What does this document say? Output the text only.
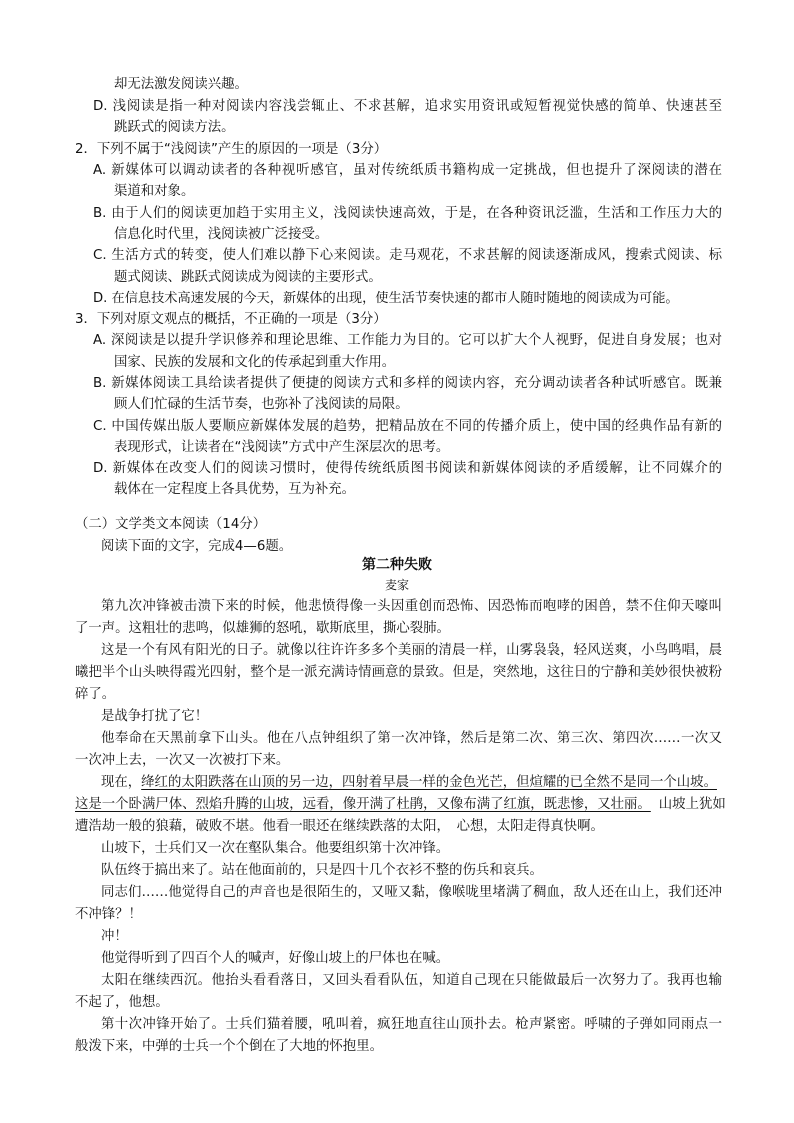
却无法激发阅读兴趣。
D. 浅阅读是指一种对阅读内容浅尝辄止、不求甚解，追求实用资讯或短暂视觉快感的简单、快速甚至
跳跃式的阅读方法。
2．下列不属于“浅阅读”产生的原因的一项是（3分）
A. 新媒体可以调动读者的各种视听感官，虽对传统纸质书籍构成一定挑战，但也提升了深阅读的潜在
渠道和对象。
B. 由于人们的阅读更加趋于实用主义，浅阅读快速高效，于是，在各种资讯泛滥，生活和工作压力大的
信息化时代里，浅阅读被广泛接受。
C. 生活方式的转变，使人们难以静下心来阅读。走马观花，不求甚解的阅读逐渐成风，搜索式阅读、标
题式阅读、跳跃式阅读成为阅读的主要形式。
D. 在信息技术高速发展的今天，新媒体的出现，使生活节奏快速的都市人随时随地的阅读成为可能。
3．下列对原文观点的概括，不正确的一项是（3分）
A. 深阅读是以提升学识修养和理论思维、工作能力为目的。它可以扩大个人视野，促进自身发展；也对
国家、民族的发展和文化的传承起到重大作用。
B. 新媒体阅读工具给读者提供了便捷的阅读方式和多样的阅读内容，充分调动读者各种试听感官。既兼
顾人们忙碌的生活节奏，也弥补了浅阅读的局限。
C. 中国传媒出版人要顺应新媒体发展的趋势，把精品放在不同的传播介质上，使中国的经典作品有新的
表现形式，让读者在“浅阅读”方式中产生深层次的思考。
D. 新媒体在改变人们的阅读习惯时，使得传统纸质图书阅读和新媒体阅读的矛盾缓解，让不同媒介的
载体在一定程度上各具优势，互为补充。
（二）文学类文本阅读（14分）
阅读下面的文字，完成4—6题。
第二种失败
麦家
第九次冲锋被击溃下来的时候，他悲愤得像一头因重创而恐怖、因恐怖而咆哮的困兽，禁不住仰天嚎叫
了一声。这粗壮的悲鸣，似雄狮的怒吼，歇斯底里，撕心裂肺。
这是一个有风有阳光的日子。就像以往许许多多个美丽的清晨一样，山雾袅袅，轻风送爽，小鸟鸣唱，晨
曦把半个山头映得霞光四射，整个是一派充满诗情画意的景致。但是，突然地，这往日的宁静和美妙很快被粉
碎了。
是战争打扰了它！
他奉命在天黑前拿下山头。他在八点钟组织了第一次冲锋，然后是第二次、第三次、第四次……一次又
一次冲上去，一次又一次被打下来。
现在，绛红的太阳跌落在山顶的另一边，四射着早晨一样的金色光芒，但煊耀的已全然不是同一个山坡。
这是一个卧满尸体、烈焰升腾的山坡，远看，像开满了杜鹃，又像布满了红旗，既悲惨，又壮丽。 山坡上犹如
遭浩劫一般的狼藉，破败不堪。他看一眼还在继续跌落的太阳，　心想，太阳走得真快啊。
山坡下，士兵们又一次在壑队集合。他要组织第十次冲锋。
队伍终于搞出来了。站在他面前的，只是四十几个衣衫不整的伤兵和哀兵。
同志们……他觉得自己的声音也是很陌生的，又哑又黏，像喉咙里堵满了稠血，敌人还在山上，我们还冲
不冲锋？！
冲！
他觉得听到了四百个人的喊声，好像山坡上的尸体也在喊。
太阳在继续西沉。他抬头看看落日，又回头看看队伍，知道自己现在只能做最后一次努力了。我再也输
不起了，他想。
第十次冲锋开始了。士兵们猫着腰，吼叫着，疯狂地直往山顶扑去。枪声紧密。呼啸的子弹如同雨点一
般泼下来，中弹的士兵一个个倒在了大地的怀抱里。
